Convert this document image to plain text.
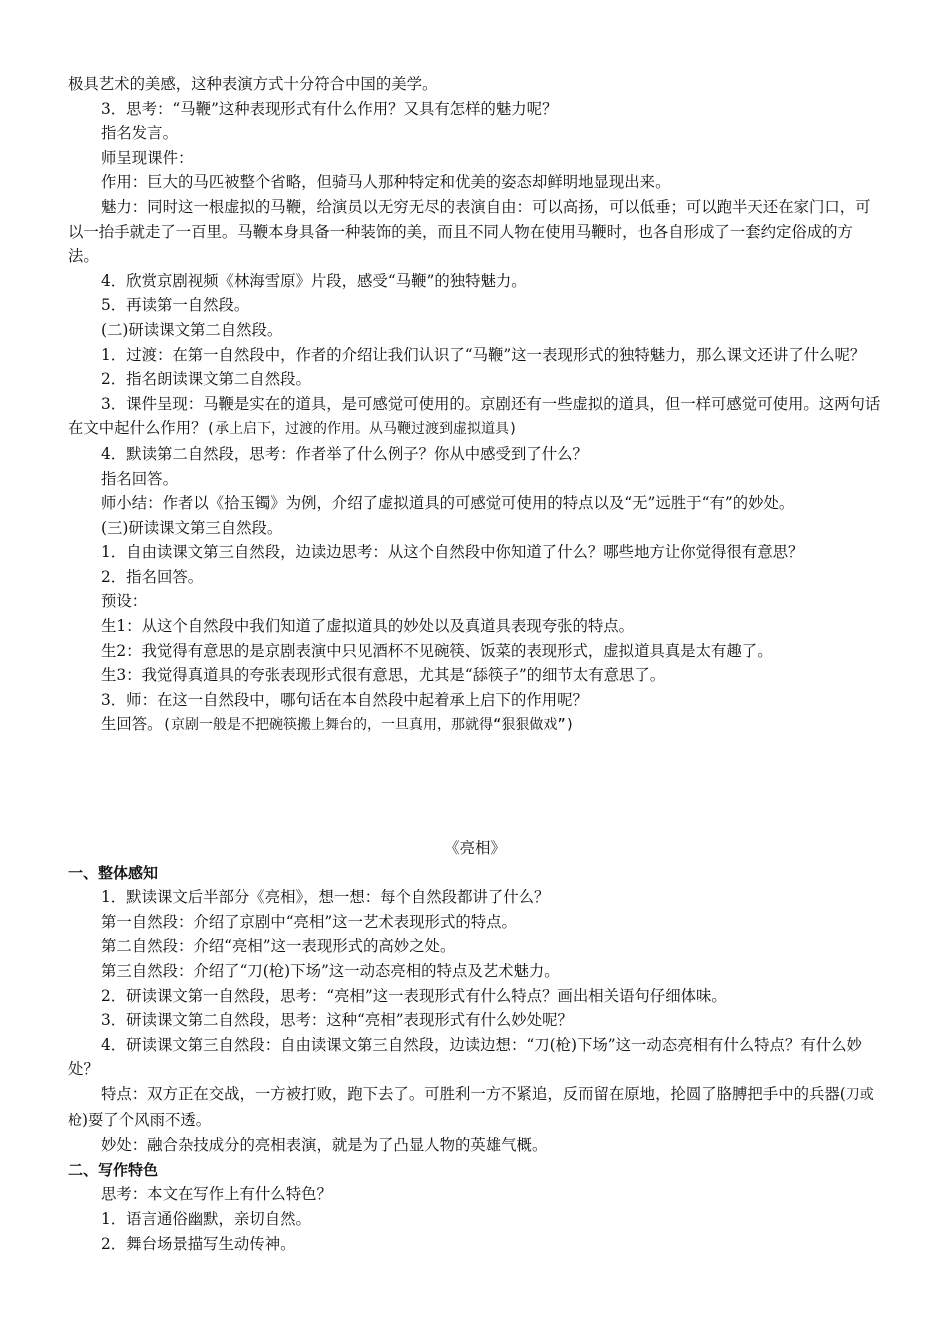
极具艺术的美感，这种表演方式十分符合中国的美学。

3．思考：“马鞭”这种表现形式有什么作用？又具有怎样的魅力呢？

指名发言。

师呈现课件：

作用：巨大的马匹被整个省略，但骑马人那种特定和优美的姿态却鲜明地显现出来。

魅力：同时这一根虚拟的马鞭，给演员以无穷无尽的表演自由：可以高扬，可以低垂；可以跑半天还在家门口，可以一抬手就走了一百里。马鞭本身具备一种装饰的美，而且不同人物在使用马鞭时，也各自形成了一套约定俗成的方法。

4．欣赏京剧视频《林海雪原》片段，感受“马鞭”的独特魅力。

5．再读第一自然段。

(二)研读课文第二自然段。

1．过渡：在第一自然段中，作者的介绍让我们认识了“马鞭”这一表现形式的独特魅力，那么课文还讲了什么呢？

2．指名朗读课文第二自然段。

3．课件呈现：马鞭是实在的道具，是可感觉可使用的。京剧还有一些虚拟的道具，但一样可感觉可使用。这两句话在文中起什么作用？(承上启下，过渡的作用。从马鞭过渡到虚拟道具)

4．默读第二自然段，思考：作者举了什么例子？你从中感受到了什么？

指名回答。

师小结：作者以《拾玉镯》为例，介绍了虚拟道具的可感觉可使用的特点以及“无”远胜于“有”的妙处。

(三)研读课文第三自然段。

1．自由读课文第三自然段，边读边思考：从这个自然段中你知道了什么？哪些地方让你觉得很有意思？

2．指名回答。

预设：

生1：从这个自然段中我们知道了虚拟道具的妙处以及真道具表现夸张的特点。

生2：我觉得有意思的是京剧表演中只见酒杯不见碗筷、饭菜的表现形式，虚拟道具真是太有趣了。

生3：我觉得真道具的夸张表现形式很有意思，尤其是“舔筷子”的细节太有意思了。

3．师：在这一自然段中，哪句话在本自然段中起着承上启下的作用呢？

生回答。(京剧一般是不把碗筷搬上舞台的，一旦真用，那就得“狠狠做戏”)

《亮相》

一、整体感知

1．默读课文后半部分《亮相》，想一想：每个自然段都讲了什么？

第一自然段：介绍了京剧中“亮相”这一艺术表现形式的特点。

第二自然段：介绍“亮相”这一表现形式的高妙之处。

第三自然段：介绍了“刀(枪)下场”这一动态亮相的特点及艺术魅力。

2．研读课文第一自然段，思考：“亮相”这一表现形式有什么特点？画出相关语句仔细体味。

3．研读课文第二自然段，思考：这种“亮相”表现形式有什么妙处呢？

4．研读课文第三自然段：自由读课文第三自然段，边读边想：“刀(枪)下场”这一动态亮相有什么特点？有什么妙处？

特点：双方正在交战，一方被打败，跑下去了。可胜利一方不紧追，反而留在原地，抡圆了胳膊把手中的兵器(刀或枪)耍了个风雨不透。

妙处：融合杂技成分的亮相表演，就是为了凸显人物的英雄气概。

二、写作特色

思考：本文在写作上有什么特色？

1．语言通俗幽默，亲切自然。

2．舞台场景描写生动传神。
